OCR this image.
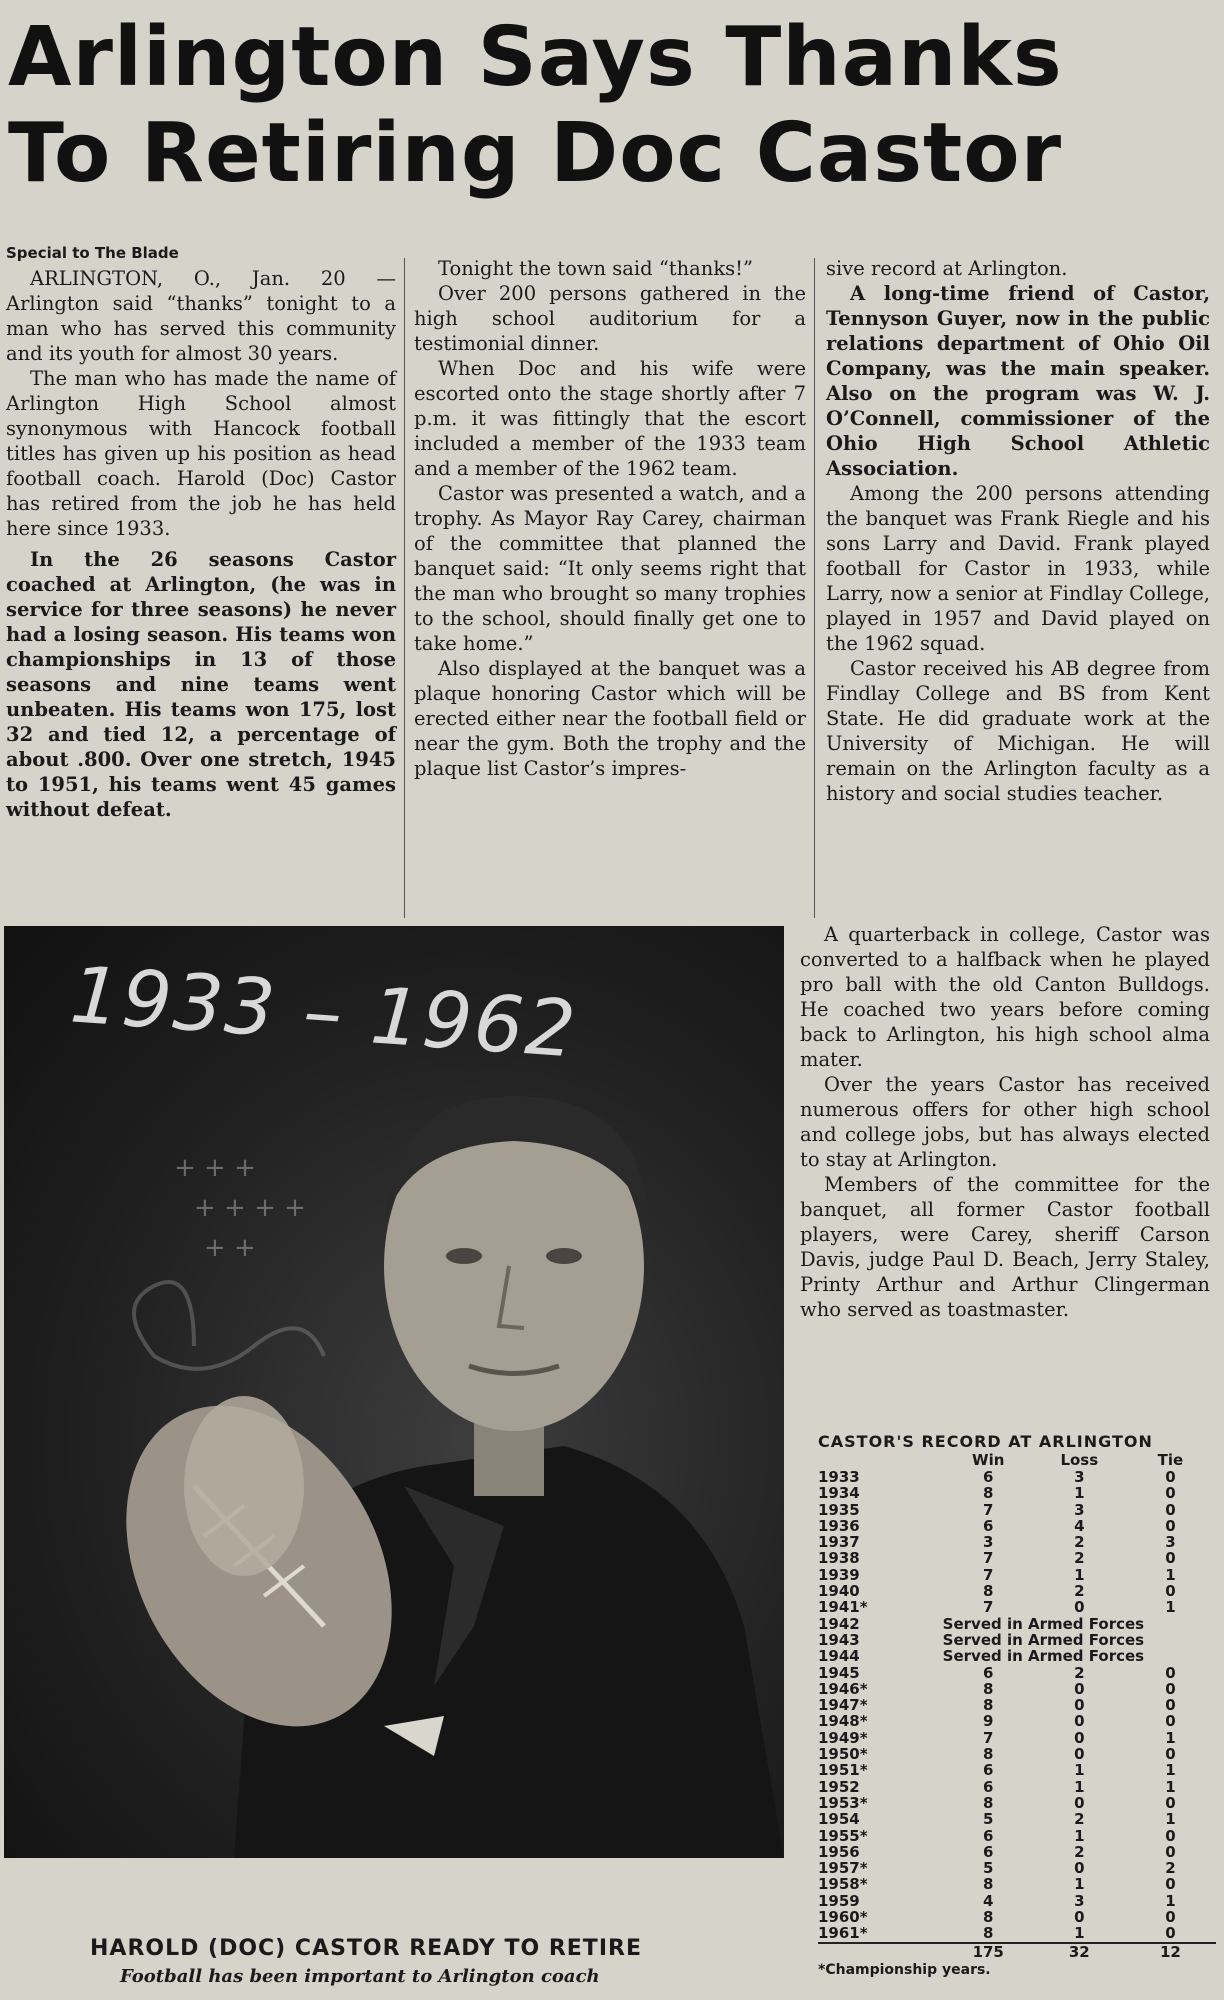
Arlington Says Thanks
To Retiring Doc Castor
Special to The Blade

ARLINGTON, O., Jan. 20 — Arlington said “thanks” tonight to a man who has served this community and its youth for almost 30 years.

The man who has made the name of Arlington High School almost synonymous with Hancock football titles has given up his position as head football coach. Harold (Doc) Castor has retired from the job he has held here since 1933.

In the 26 seasons Castor coached at Arlington, (he was in service for three seasons) he never had a losing season. His teams won championships in 13 of those seasons and nine teams went unbeaten. His teams won 175, lost 32 and tied 12, a percentage of about .800. Over one stretch, 1945 to 1951, his teams went 45 games without defeat.

Tonight the town said “thanks!”

Over 200 persons gathered in the high school auditorium for a testimonial dinner.

When Doc and his wife were escorted onto the stage shortly after 7 p.m. it was fittingly that the escort included a member of the 1933 team and a member of the 1962 team.

Castor was presented a watch, and a trophy. As Mayor Ray Carey, chairman of the committee that planned the banquet said: “It only seems right that the man who brought so many trophies to the school, should finally get one to take home.”

Also displayed at the banquet was a plaque honoring Castor which will be erected either near the football field or near the gym. Both the trophy and the plaque list Castor’s impres-

sive record at Arlington.

A long-time friend of Castor, Tennyson Guyer, now in the public relations department of Ohio Oil Company, was the main speaker. Also on the program was W. J. O’Connell, commissioner of the Ohio High School Athletic Association.

Among the 200 persons attending the banquet was Frank Riegle and his sons Larry and David. Frank played football for Castor in 1933, while Larry, now a senior at Findlay College, played in 1957 and David played on the 1962 squad.

Castor received his AB degree from Findlay College and BS from Kent State. He did graduate work at the University of Michigan. He will remain on the Arlington faculty as a history and social studies teacher.

+ + +
+ + + +
+ +
1933 – 1962
HAROLD (DOC) CASTOR READY TO RETIRE
Football has been important to Arlington coach

A quarterback in college, Castor was converted to a halfback when he played pro ball with the old Canton Bulldogs. He coached two years before coming back to Arlington, his high school alma mater.

Over the years Castor has received numerous offers for other high school and college jobs, but has always elected to stay at Arlington.

Members of the committee for the banquet, all former Castor football players, were Carey, sheriff Carson Davis, judge Paul D. Beach, Jerry Staley, Printy Arthur and Arthur Clingerman who served as toastmaster.

CASTOR'S RECORD AT ARLINGTON
	Win	Loss	Tie
1933	6	3	0
1934	8	1	0
1935	7	3	0
1936	6	4	0
1937	3	2	3
1938	7	2	0
1939	7	1	1
1940	8	2	0
1941*	7	0	1
1942	Served in Armed Forces		
1943	Served in Armed Forces		
1944	Served in Armed Forces		
1945	6	2	0
1946*	8	0	0
1947*	8	0	0
1948*	9	0	0
1949*	7	0	1
1950*	8	0	0
1951*	6	1	1
1952	6	1	1
1953*	8	0	0
1954	5	2	1
1955*	6	1	0
1956	6	2	0
1957*	5	0	2
1958*	8	1	0
1959	4	3	1
1960*	8	0	0
1961*	8	1	0
	175	32	12
*Championship years.
